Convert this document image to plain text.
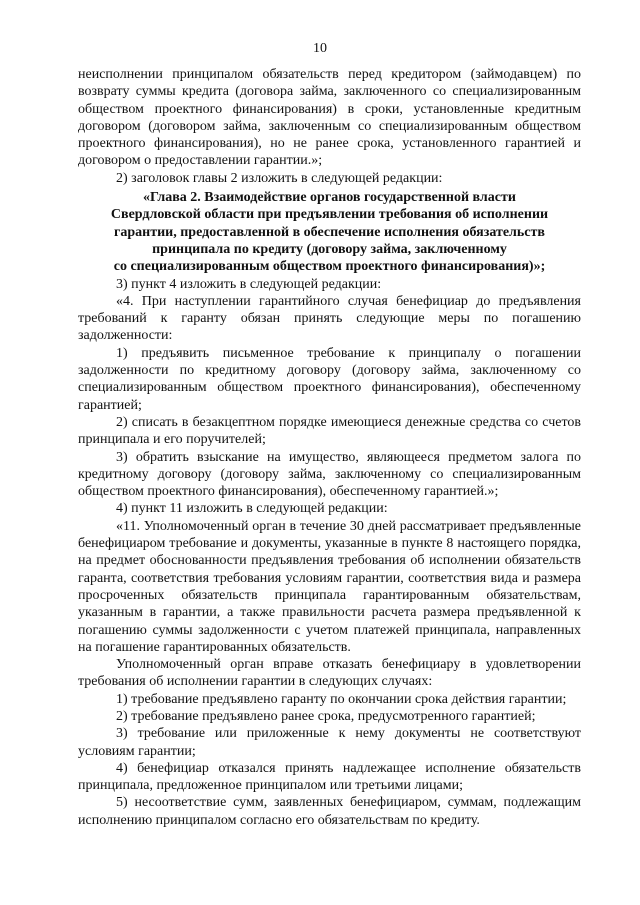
10

неисполнении принципалом обязательств перед кредитором (займодавцем) по возврату суммы кредита (договора займа, заключенного со специализированным обществом проектного финансирования) в сроки, установленные кредитным договором (договором займа, заключенным со специализированным обществом проектного финансирования), но не ранее срока, установленного гарантией и договором о предоставлении гарантии.»;

2) заголовок главы 2 изложить в следующей редакции:

«Глава 2. Взаимодействие органов государственной власти
Свердловской области при предъявлении требования об исполнении
гарантии, предоставленной в обеспечение исполнения обязательств
принципала по кредиту (договору займа, заключенному
со специализированным обществом проектного финансирования)»;

3) пункт 4 изложить в следующей редакции:

«4. При наступлении гарантийного случая бенефициар до предъявления требований к гаранту обязан принять следующие меры по погашению задолженности:

1) предъявить письменное требование к принципалу о погашении задолженности по кредитному договору (договору займа, заключенному со специализированным обществом проектного финансирования), обеспеченному гарантией;

2) списать в безакцептном порядке имеющиеся денежные средства со счетов принципала и его поручителей;

3) обратить взыскание на имущество, являющееся предметом залога по кредитному договору (договору займа, заключенному со специализированным обществом проектного финансирования), обеспеченному гарантией.»;

4) пункт 11 изложить в следующей редакции:

«11. Уполномоченный орган в течение 30 дней рассматривает предъявленные бенефициаром требование и документы, указанные в пункте 8 настоящего порядка, на предмет обоснованности предъявления требования об исполнении обязательств гаранта, соответствия требования условиям гарантии, соответствия вида и размера просроченных обязательств принципала гарантированным обязательствам, указанным в гарантии, а также правильности расчета размера предъявленной к погашению суммы задолженности с учетом платежей принципала, направленных на погашение гарантированных обязательств.

Уполномоченный орган вправе отказать бенефициару в удовлетворении требования об исполнении гарантии в следующих случаях:

1) требование предъявлено гаранту по окончании срока действия гарантии;

2) требование предъявлено ранее срока, предусмотренного гарантией;

3) требование или приложенные к нему документы не соответствуют условиям гарантии;

4) бенефициар отказался принять надлежащее исполнение обязательств принципала, предложенное принципалом или третьими лицами;

5) несоответствие сумм, заявленных бенефициаром, суммам, подлежащим исполнению принципалом согласно его обязательствам по кредиту.
